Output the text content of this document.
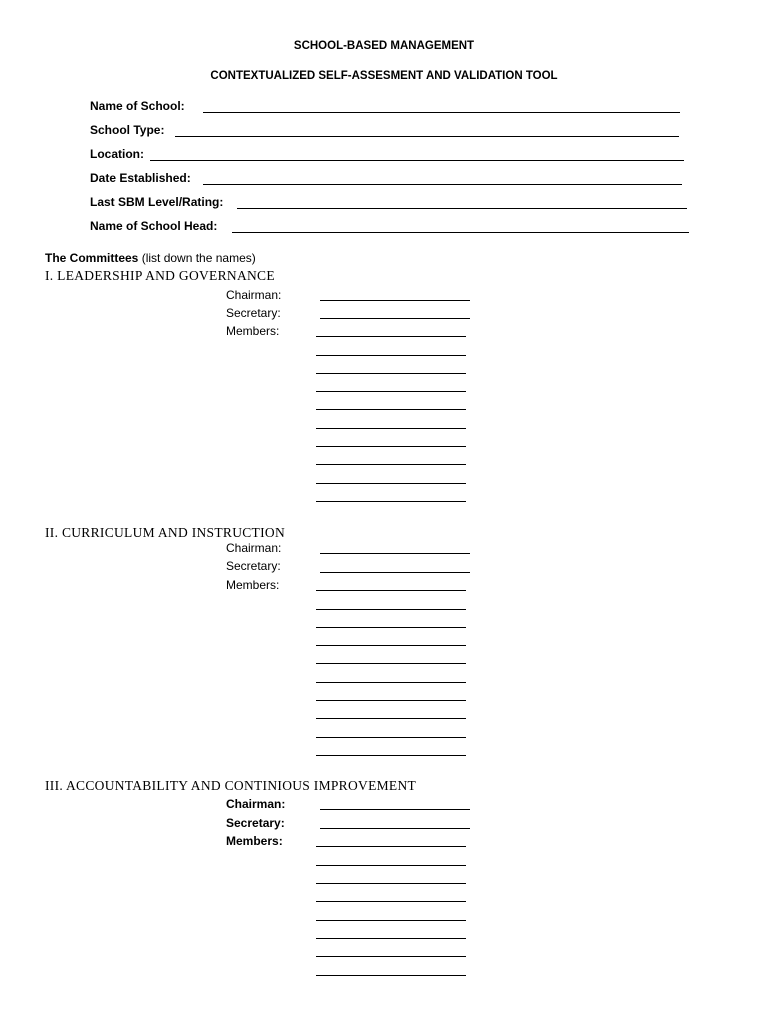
SCHOOL-BASED MANAGEMENT
CONTEXTUALIZED SELF-ASSESMENT AND VALIDATION TOOL
Name of School:
School Type:
Location:
Date Established:
Last SBM Level/Rating:
Name of School Head:
The Committees (list down the names)
I. LEADERSHIP AND GOVERNANCE
Chairman:
Secretary:
Members:
II. CURRICULUM AND INSTRUCTION
Chairman:
Secretary:
Members:
III. ACCOUNTABILITY AND CONTINIOUS IMPROVEMENT
Chairman:
Secretary:
Members:
